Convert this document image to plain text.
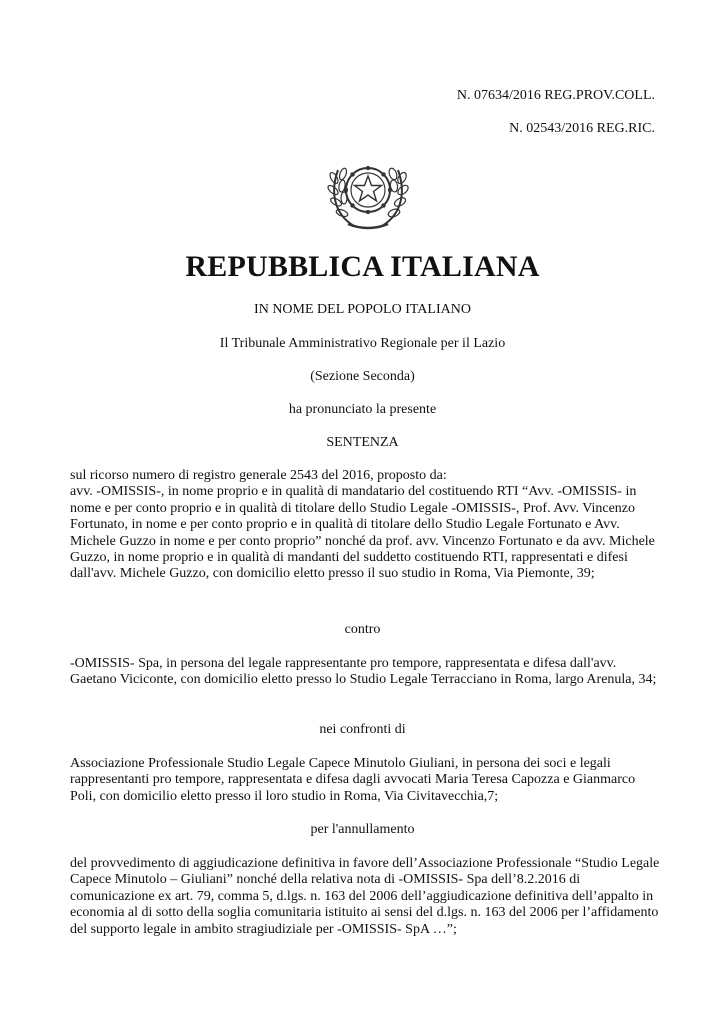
N. 07634/2016 REG.PROV.COLL.
N. 02543/2016 REG.RIC.
REPUBBLICA ITALIANA
IN NOME DEL POPOLO ITALIANO
Il Tribunale Amministrativo Regionale per il Lazio
(Sezione Seconda)
ha pronunciato la presente
SENTENZA

sul ricorso numero di registro generale 2543 del 2016, proposto da:
avv. -OMISSIS-, in nome proprio e in qualità di mandatario del costituendo RTI “Avv. -OMISSIS- in nome e per conto proprio e in qualità di titolare dello Studio Legale -OMISSIS-, Prof. Avv. Vincenzo Fortunato, in nome e per conto proprio e in qualità di titolare dello Studio Legale Fortunato e Avv. Michele Guzzo in nome e per conto proprio” nonché da prof. avv. Vincenzo Fortunato e da avv. Michele Guzzo, in nome proprio e in qualità di mandanti del suddetto costituendo RTI, rappresentati e difesi dall'avv. Michele Guzzo, con domicilio eletto presso il suo studio in Roma, Via Piemonte, 39;

contro

-OMISSIS- Spa, in persona del legale rappresentante pro tempore, rappresentata e difesa dall'avv. Gaetano Viciconte, con domicilio eletto presso lo Studio Legale Terracciano in Roma, largo Arenula, 34;

nei confronti di

Associazione Professionale Studio Legale Capece Minutolo Giuliani, in persona dei soci e legali rappresentanti pro tempore, rappresentata e difesa dagli avvocati Maria Teresa Capozza e Gianmarco Poli, con domicilio eletto presso il loro studio in Roma, Via Civitavecchia,7;

per l'annullamento

del provvedimento di aggiudicazione definitiva in favore dell’Associazione Professionale “Studio Legale Capece Minutolo – Giuliani” nonché della relativa nota di -OMISSIS- Spa dell’8.2.2016 di comunicazione ex art. 79, comma 5, d.lgs. n. 163 del 2006 dell’aggiudicazione definitiva dell’appalto in economia al di sotto della soglia comunitaria istituito ai sensi del d.lgs. n. 163 del 2006 per l’affidamento del supporto legale in ambito stragiudiziale per -OMISSIS- SpA …”;
